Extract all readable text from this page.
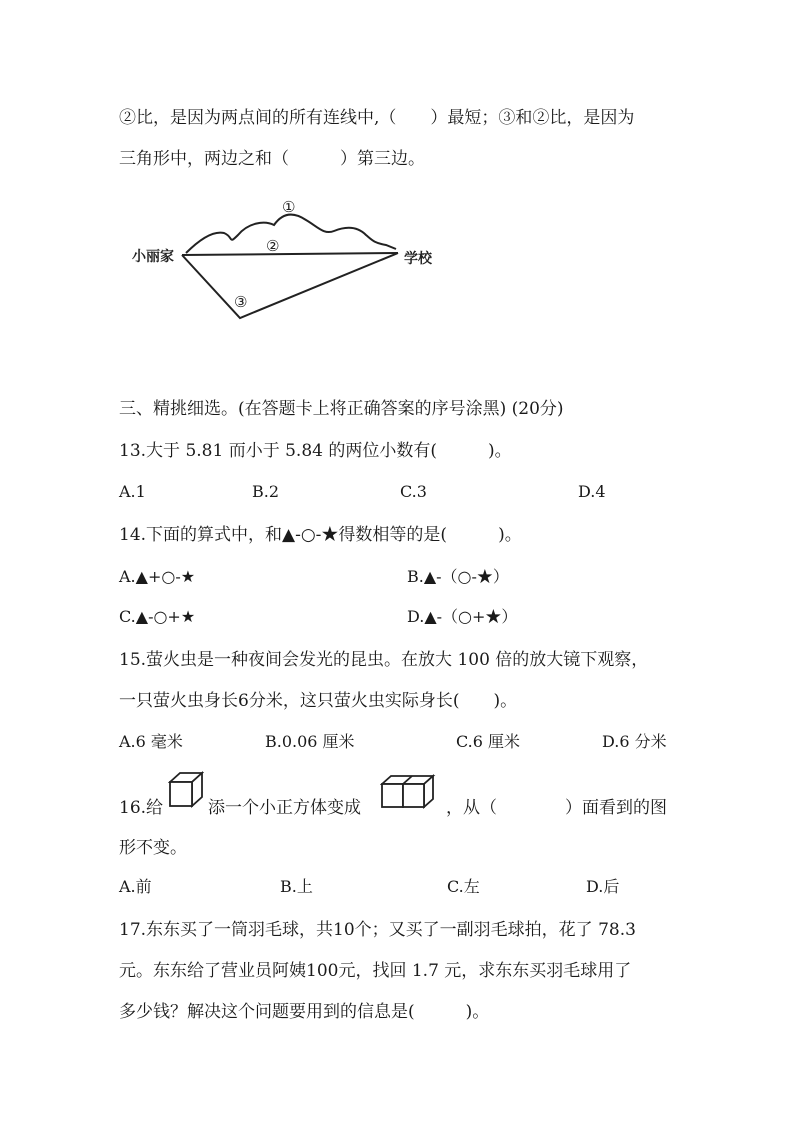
②比，是因为两点间的所有连线中,（　　）最短；③和②比，是因为
三角形中，两边之和（　　　）第三边。
①
②
③
小丽家	学校
三、精挑细选。(在答题卡上将正确答案的序号涂黑) (20分)
13.大于 5.81 而小于 5.84 的两位小数有(　　　)。
A.1	B.2	C.3	D.4
14.下面的算式中，和▲-○-★得数相等的是(　　　)。
A.▲+○-★	B.▲-（○-★）
C.▲-○+★	D.▲-（○+★）
15.萤火虫是一种夜间会发光的昆虫。在放大 100 倍的放大镜下观察，
一只萤火虫身长6分米，这只萤火虫实际身长(　　)。
A.6 毫米	B.0.06 厘米	C.6 厘米	D.6 分米
16.给	添一个小正方体变成	，从（　　　　）面看到的图
形不变。
A.前	B.上	C.左	D.后
17.东东买了一筒羽毛球，共10个；又买了一副羽毛球拍，花了 78.3
元。东东给了营业员阿姨100元，找回 1.7 元，求东东买羽毛球用了
多少钱？解决这个问题要用到的信息是(　　　)。
